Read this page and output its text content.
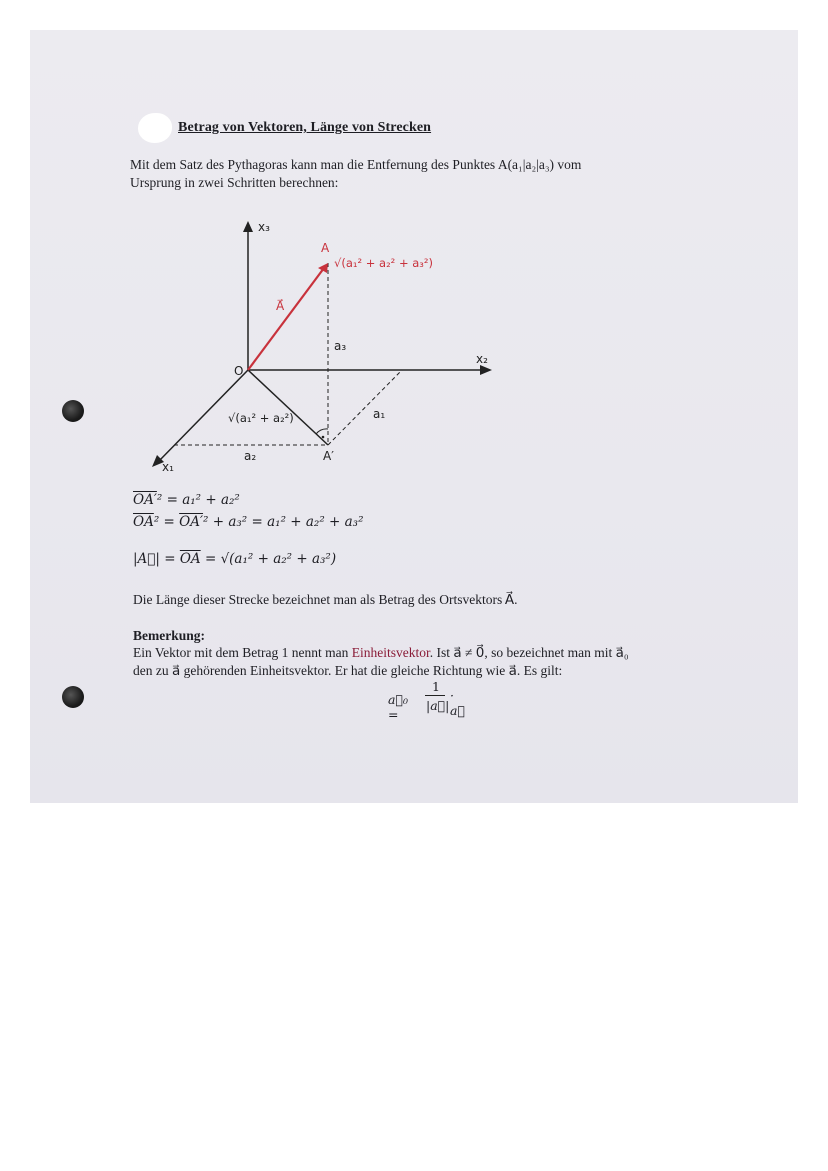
Betrag von Vektoren, Länge von Strecken
Mit dem Satz des Pythagoras kann man die Entfernung des Punktes A(a₁|a₂|a₃) vom
Ursprung in zwei Schritten berechnen:
x₃
x₂
x₁
O
A
A⃗
A′
a₁
a₂
a₃
√(a₁² + a₂²)
√(a₁² + a₂² + a₃²)
OA′² = a₁² + a₂²
$\overline{OA}^2 = OA'^2 + a_3^2 = a_1^2 + a_2^2 + a_3^2$
|A⃗| = $\overline{OA} = √(a_1^2 + a_2^2 + a_3^2)$
Die Länge dieser Strecke bezeichnet man als Betrag des Ortsvektors A⃗.
Bemerkung:
Ein Vektor mit dem Betrag 1 nennt man Einheitsvektor. Ist a⃗ ≠ 0⃗, so bezeichnet man mit a⃗₀
den zu a⃗ gehörenden Einheitsvektor. Er hat die gleiche Richtung wie a⃗. Es gilt:
a⃗₀ =
1
|a⃗|
· a⃗
